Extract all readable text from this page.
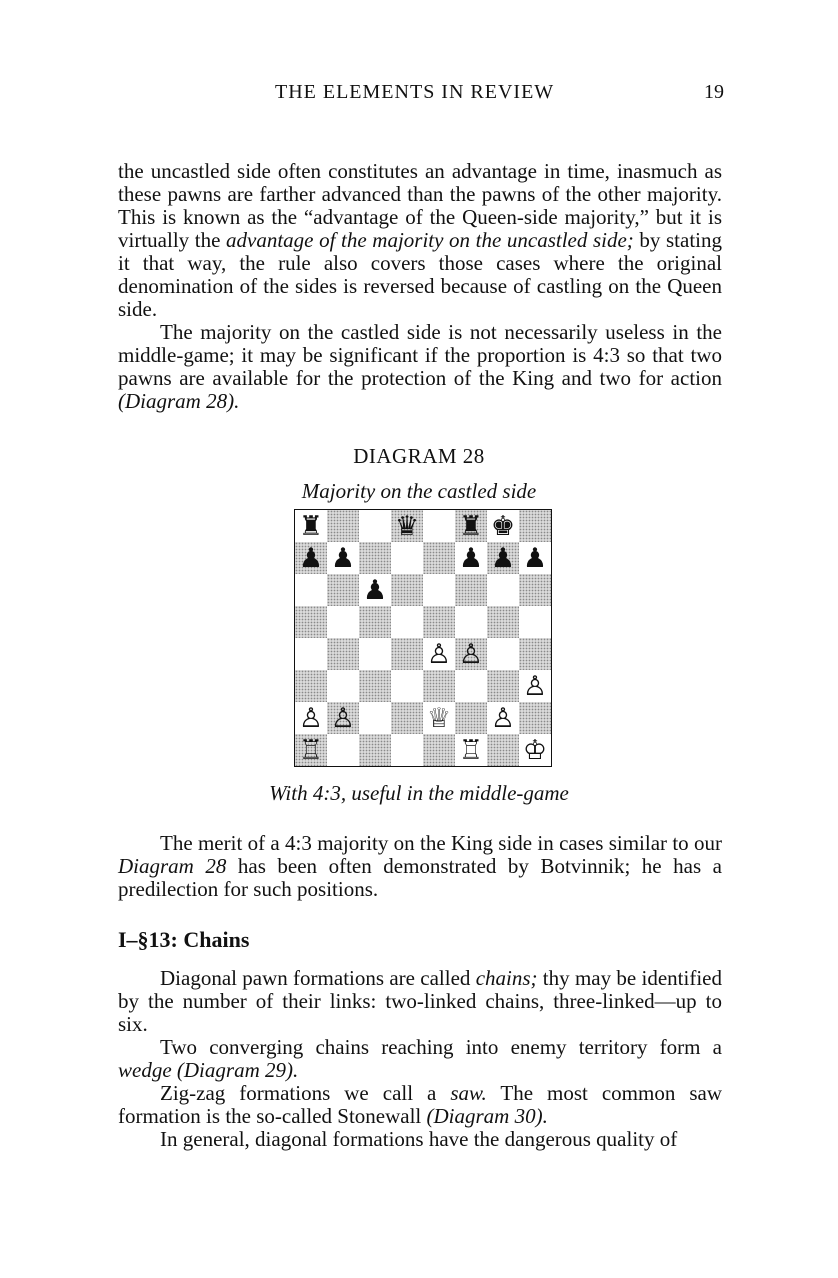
THE ELEMENTS IN REVIEW	19

the uncastled side often constitutes an advantage in time, inasmuch as these pawns are farther advanced than the pawns of the other majority. This is known as the “advantage of the Queen-side majority,” but it is virtually the advantage of the majority on the uncastled side; by stating it that way, the rule also covers those cases where the original denomination of the sides is reversed because of castling on the Queen side.

The majority on the castled side is not necessarily useless in the middle-game; it may be significant if the proportion is 4:3 so that two pawns are available for the protection of the King and two for action (Diagram 28).

DIAGRAM 28
Majority on the castled side
♜	♛ ♜ ♚
♟ ♟	♟ ♟ ♟
♟
♙ ♙
♙
♙ ♙	♕ ♙
♖	♖ ♔
With 4:3, useful in the middle-game

The merit of a 4:3 majority on the King side in cases similar to our Diagram 28 has been often demonstrated by Botvinnik; he has a predilection for such positions.

I–§13: Chains

Diagonal pawn formations are called chains; thy may be identified by the number of their links: two-linked chains, three-linked—up to six.

Two converging chains reaching into enemy territory form a wedge (Diagram 29).

Zig-zag formations we call a saw. The most common saw formation is the so-called Stonewall (Diagram 30).

In general, diagonal formations have the dangerous quality of
